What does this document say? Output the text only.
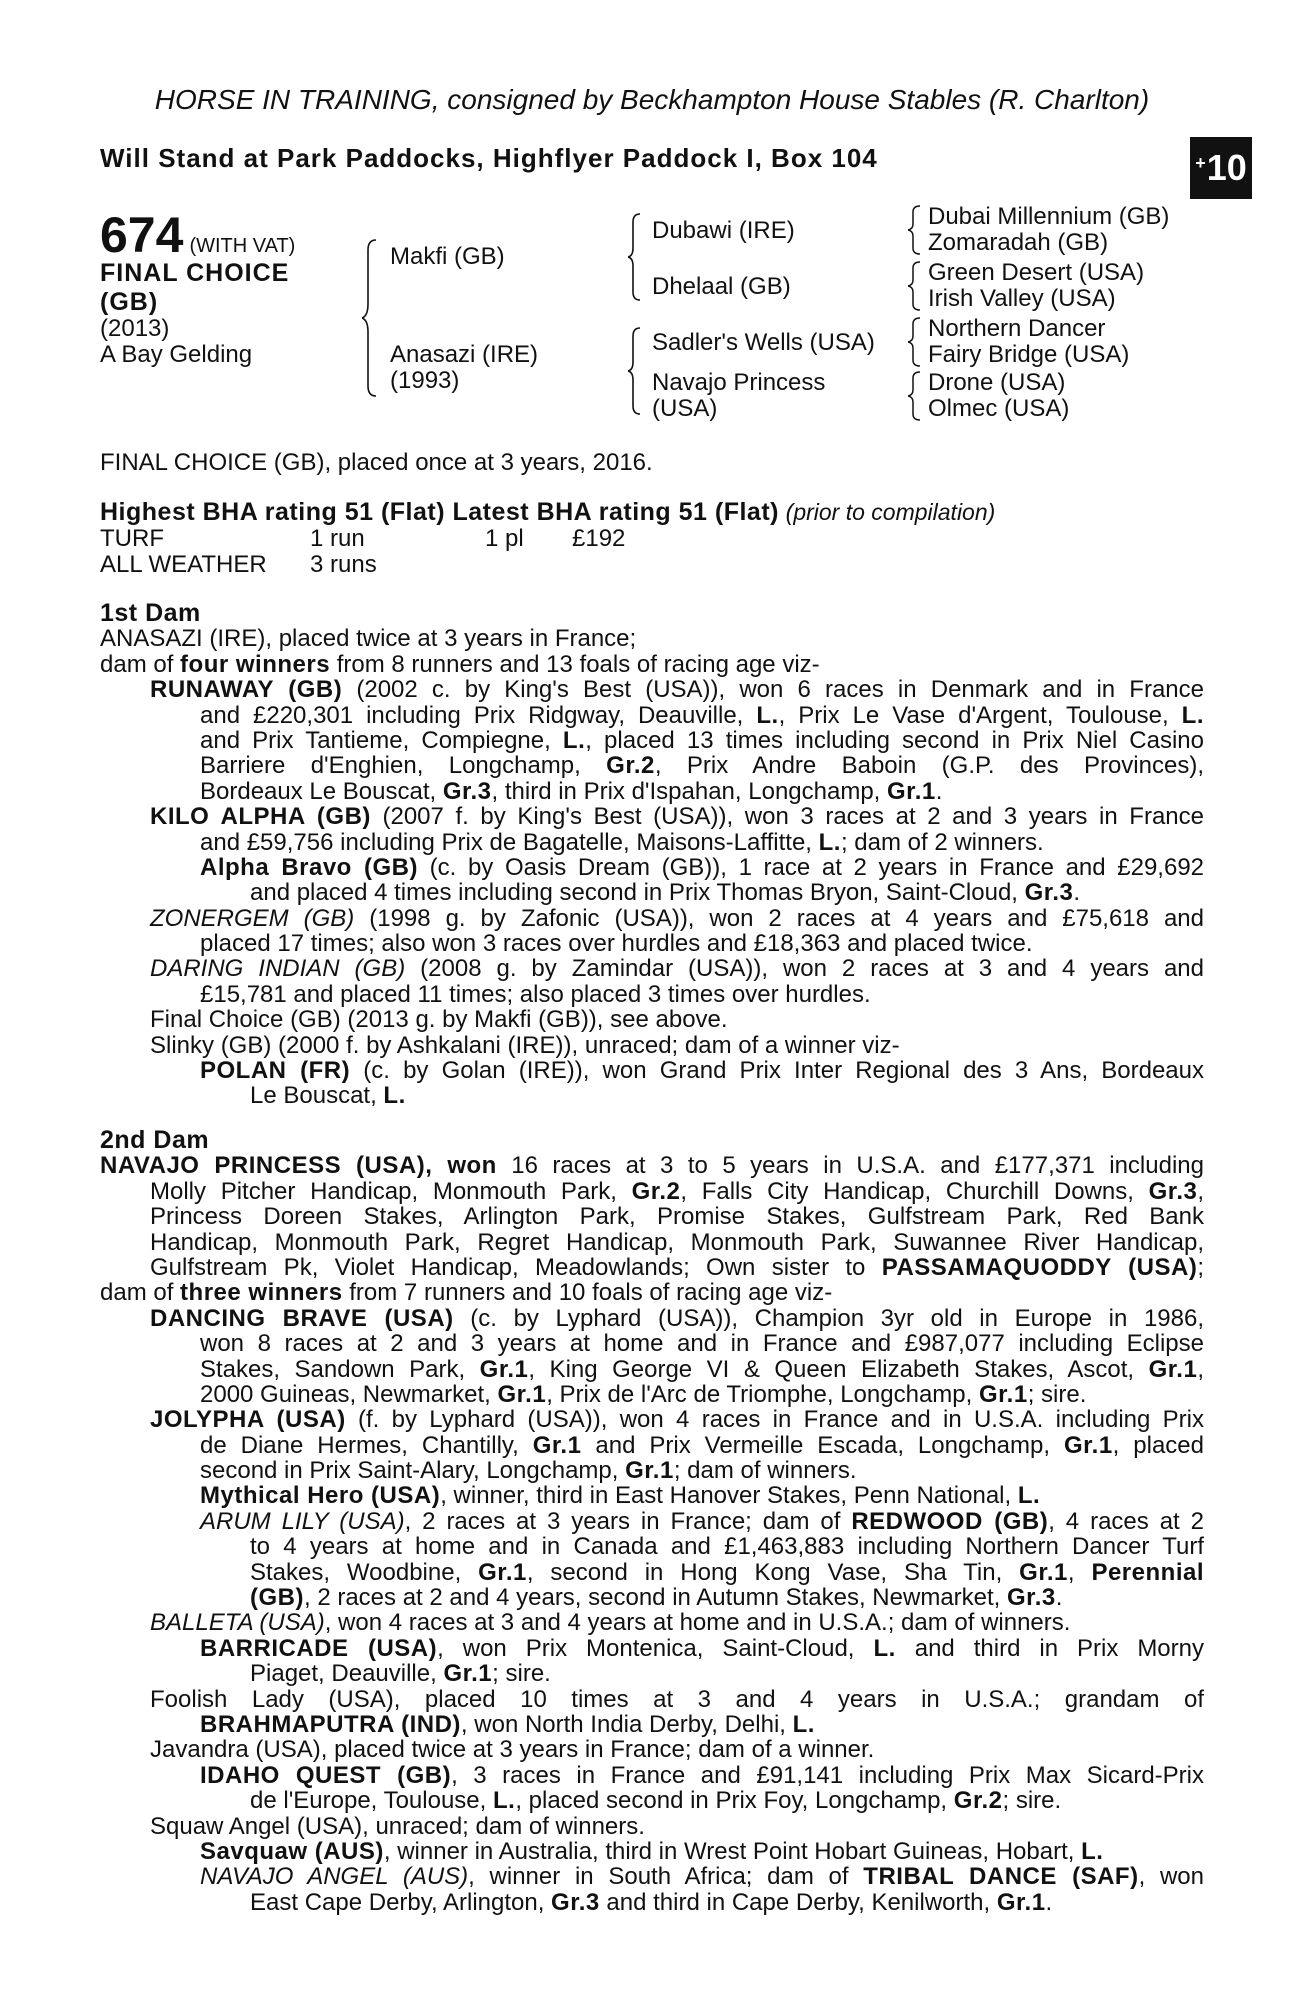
HORSE IN TRAINING, consigned by Beckhampton House Stables (R. Charlton)
Will Stand at Park Paddocks, Highflyer Paddock I, Box 104	+ 10
674 (WITH VAT)
FINAL CHOICE
(GB)
(2013)
A Bay Gelding
Makfi (GB)
Anasazi (IRE)
(1993)
Dubawi (IRE)
Dhelaal (GB)
Sadler's Wells (USA)
Navajo Princess
(USA)
Dubai Millennium (GB)
Zomaradah (GB)
Green Desert (USA)
Irish Valley (USA)
Northern Dancer
Fairy Bridge (USA)
Drone (USA)
Olmec (USA)
FINAL CHOICE (GB), placed once at 3 years, 2016.
Highest BHA rating 51 (Flat) Latest BHA rating 51 (Flat) (prior to compilation)
TURF	1 run	1 pl £192
ALL WEATHER 3 runs
1st Dam
ANASAZI (IRE), placed twice at 3 years in France;
dam of four winners from 8 runners and 13 foals of racing age viz-
RUNAWAY (GB) (2002 c. by King's Best (USA)), won 6 races in Denmark and in France
and £220,301 including Prix Ridgway, Deauville, L., Prix Le Vase d'Argent, Toulouse, L.
and Prix Tantieme, Compiegne, L., placed 13 times including second in Prix Niel Casino
Barriere d'Enghien, Longchamp, Gr.2, Prix Andre Baboin (G.P. des Provinces),
Bordeaux Le Bouscat, Gr.3, third in Prix d'Ispahan, Longchamp, Gr.1.
KILO ALPHA (GB) (2007 f. by King's Best (USA)), won 3 races at 2 and 3 years in France
and £59,756 including Prix de Bagatelle, Maisons-Laffitte, L.; dam of 2 winners.
Alpha Bravo (GB) (c. by Oasis Dream (GB)), 1 race at 2 years in France and £29,692
and placed 4 times including second in Prix Thomas Bryon, Saint-Cloud, Gr.3.
ZONERGEM (GB) (1998 g. by Zafonic (USA)), won 2 races at 4 years and £75,618 and
placed 17 times; also won 3 races over hurdles and £18,363 and placed twice.
DARING INDIAN (GB) (2008 g. by Zamindar (USA)), won 2 races at 3 and 4 years and
£15,781 and placed 11 times; also placed 3 times over hurdles.
Final Choice (GB) (2013 g. by Makfi (GB)), see above.
Slinky (GB) (2000 f. by Ashkalani (IRE)), unraced; dam of a winner viz-
POLAN (FR) (c. by Golan (IRE)), won Grand Prix Inter Regional des 3 Ans, Bordeaux
Le Bouscat, L.
2nd Dam
NAVAJO PRINCESS (USA), won 16 races at 3 to 5 years in U.S.A. and £177,371 including
Molly Pitcher Handicap, Monmouth Park, Gr.2, Falls City Handicap, Churchill Downs, Gr.3,
Princess Doreen Stakes, Arlington Park, Promise Stakes, Gulfstream Park, Red Bank
Handicap, Monmouth Park, Regret Handicap, Monmouth Park, Suwannee River Handicap,
Gulfstream Pk, Violet Handicap, Meadowlands; Own sister to PASSAMAQUODDY (USA);
dam of three winners from 7 runners and 10 foals of racing age viz-
DANCING BRAVE (USA) (c. by Lyphard (USA)), Champion 3yr old in Europe in 1986,
won 8 races at 2 and 3 years at home and in France and £987,077 including Eclipse
Stakes, Sandown Park, Gr.1, King George VI & Queen Elizabeth Stakes, Ascot, Gr.1,
2000 Guineas, Newmarket, Gr.1, Prix de l'Arc de Triomphe, Longchamp, Gr.1; sire.
JOLYPHA (USA) (f. by Lyphard (USA)), won 4 races in France and in U.S.A. including Prix
de Diane Hermes, Chantilly, Gr.1 and Prix Vermeille Escada, Longchamp, Gr.1, placed
second in Prix Saint-Alary, Longchamp, Gr.1; dam of winners.
Mythical Hero (USA), winner, third in East Hanover Stakes, Penn National, L.
ARUM LILY (USA), 2 races at 3 years in France; dam of REDWOOD (GB), 4 races at 2
to 4 years at home and in Canada and £1,463,883 including Northern Dancer Turf
Stakes, Woodbine, Gr.1, second in Hong Kong Vase, Sha Tin, Gr.1, Perennial
(GB), 2 races at 2 and 4 years, second in Autumn Stakes, Newmarket, Gr.3.
BALLETA (USA), won 4 races at 3 and 4 years at home and in U.S.A.; dam of winners.
BARRICADE (USA), won Prix Montenica, Saint-Cloud, L. and third in Prix Morny
Piaget, Deauville, Gr.1; sire.
Foolish Lady (USA), placed 10 times at 3 and 4 years in U.S.A.; grandam of
BRAHMAPUTRA (IND), won North India Derby, Delhi, L.
Javandra (USA), placed twice at 3 years in France; dam of a winner.
IDAHO QUEST (GB), 3 races in France and £91,141 including Prix Max Sicard-Prix
de l'Europe, Toulouse, L., placed second in Prix Foy, Longchamp, Gr.2; sire.
Squaw Angel (USA), unraced; dam of winners.
Savquaw (AUS), winner in Australia, third in Wrest Point Hobart Guineas, Hobart, L.
NAVAJO ANGEL (AUS), winner in South Africa; dam of TRIBAL DANCE (SAF), won
East Cape Derby, Arlington, Gr.3 and third in Cape Derby, Kenilworth, Gr.1.
